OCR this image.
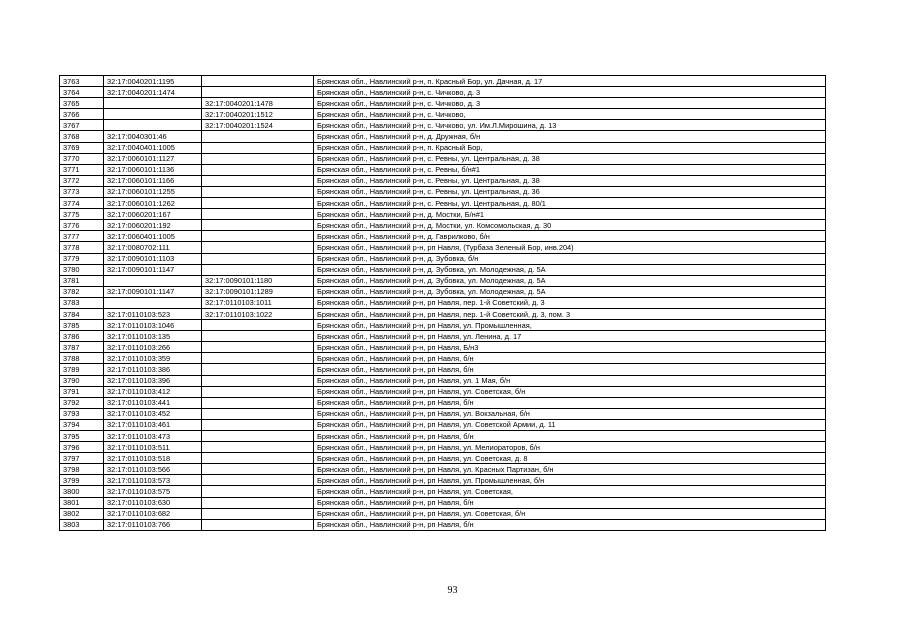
3763	32:17:0040201:1195		Брянская обл., Навлинский р-н, п. Красный Бор, ул. Дачная, д. 17
3764	32:17:0040201:1474		Брянская обл., Навлинский р-н, с. Чичково, д. 3
3765		32:17:0040201:1478	Брянская обл., Навлинский р-н, с. Чичково, д. 3
3766		32:17:0040201:1512	Брянская обл., Навлинский р-н, с. Чичково,
3767		32:17:0040201:1524	Брянская обл., Навлинский р-н, с. Чичково, ул. Им.Л.Мирошина, д. 13
3768	32:17:0040301:46		Брянская обл., Навлинский р-н, д. Дружная, б/н
3769	32:17:0040401:1005		Брянская обл., Навлинский р-н, п. Красный Бор,
3770	32:17:0060101:1127		Брянская обл., Навлинский р-н, с. Ревны, ул. Центральная, д. 38
3771	32:17:0060101:1136		Брянская обл., Навлинский р-н, с. Ревны, б/н#1
3772	32:17:0060101:1166		Брянская обл., Навлинский р-н, с. Ревны, ул. Центральная, д. 38
3773	32:17:0060101:1255		Брянская обл., Навлинский р-н, с. Ревны, ул. Центральная, д. 36
3774	32:17:0060101:1262		Брянская обл., Навлинский р-н, с. Ревны, ул. Центральная, д. 80/1
3775	32:17:0060201:167		Брянская обл., Навлинский р-н, д. Мостки, Б/н#1
3776	32:17:0060201:192		Брянская обл., Навлинский р-н, д. Мостки, ул. Комсомольская, д. 30
3777	32:17:0060401:1005		Брянская обл., Навлинский р-н, д. Гаврилково, б/н
3778	32:17:0080702:111		Брянская обл., Навлинский р-н, рп Навля, (Турбаза Зеленый Бор, инв.204)
3779	32:17:0090101:1103		Брянская обл., Навлинский р-н, д. Зубовка, б/н
3780	32:17:0090101:1147		Брянская обл., Навлинский р-н, д. Зубовка, ул. Молодежная, д. 5А
3781		32:17:0090101:1180	Брянская обл., Навлинский р-н, д. Зубовка, ул. Молодежная, д. 5А
3782	32:17:0090101:1147	32:17:0090101:1289	Брянская обл., Навлинский р-н, д. Зубовка, ул. Молодежная, д. 5А
3783		32:17:0110103:1011	Брянская обл., Навлинский р-н, рп Навля, пер. 1-й Советский, д. 3
3784	32:17:0110103:523	32:17:0110103:1022	Брянская обл., Навлинский р-н, рп Навля, пер. 1-й Советский, д. 3, пом. 3
3785	32:17:0110103:1046		Брянская обл., Навлинский р-н, рп Навля, ул. Промышленная,
3786	32:17:0110103:135		Брянская обл., Навлинский р-н, рп Навля, ул. Ленина, д. 17
3787	32:17:0110103:266		Брянская обл., Навлинский р-н, рп Навля, Б/н3
3788	32:17:0110103:359		Брянская обл., Навлинский р-н, рп Навля, б/н
3789	32:17:0110103:386		Брянская обл., Навлинский р-н, рп Навля, б/н
3790	32:17:0110103:396		Брянская обл., Навлинский р-н, рп Навля, ул. 1 Мая, б/н
3791	32:17:0110103:412		Брянская обл., Навлинский р-н, рп Навля, ул. Советская, б/н
3792	32:17:0110103:441		Брянская обл., Навлинский р-н, рп Навля, б/н
3793	32:17:0110103:452		Брянская обл., Навлинский р-н, рп Навля, ул. Вокзальная, б/н
3794	32:17:0110103:461		Брянская обл., Навлинский р-н, рп Навля, ул. Советской Армии, д. 11
3795	32:17:0110103:473		Брянская обл., Навлинский р-н, рп Навля, б/н
3796	32:17:0110103:511		Брянская обл., Навлинский р-н, рп Навля, ул. Мелиораторов, б/н
3797	32:17:0110103:518		Брянская обл., Навлинский р-н, рп Навля, ул. Советская, д. 8
3798	32:17:0110103:566		Брянская обл., Навлинский р-н, рп Навля, ул. Красных Партизан, б/н
3799	32:17:0110103:573		Брянская обл., Навлинский р-н, рп Навля, ул. Промышленная, б/н
3800	32:17:0110103:575		Брянская обл., Навлинский р-н, рп Навля, ул. Советская,
3801	32:17:0110103:630		Брянская обл., Навлинский р-н, рп Навля, б/н
3802	32:17:0110103:682		Брянская обл., Навлинский р-н, рп Навля, ул. Советская, б/н
3803	32:17:0110103:766		Брянская обл., Навлинский р-н, рп Навля, б/н
93
